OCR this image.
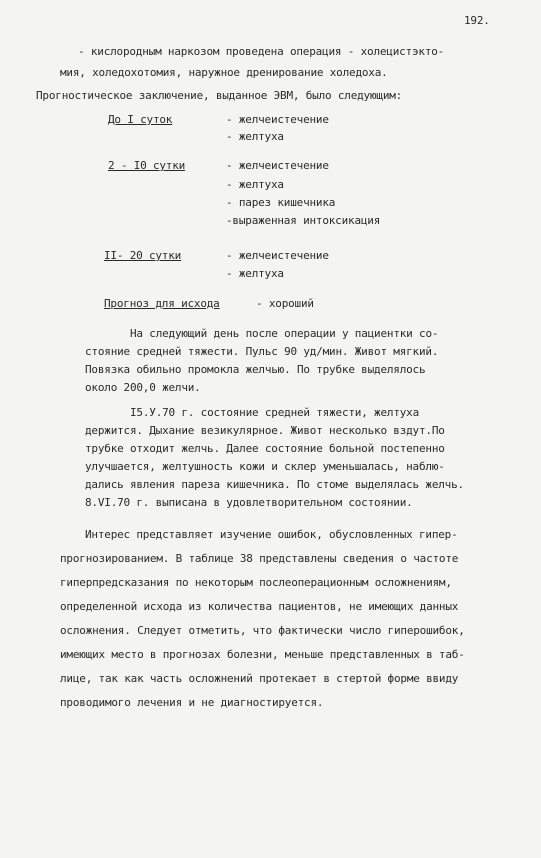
192.
- кислородным наркозом проведена операция - холецистэкто-
мия, холедохотомия, наружное дренирование холедоха.
Прогностическое заключение, выданное ЭВМ, было следующим:
До I суток	- желчеистечение
- желтуха
2 - I0 сутки	- желчеистечение
- желтуха
- парез кишечника
-выраженная интоксикация
II- 20 сутки	- желчеистечение
- желтуха
Прогноз для исхода	- хороший
На следующий день после операции у пациентки со-
стояние средней тяжести. Пульс 90 уд/мин. Живот мягкий.
Повязка обильно промокла желчью. По трубке выделялось
около 200,0 желчи.
I5.У.70 г. состояние средней тяжести, желтуха
держится. Дыхание везикулярное. Живот несколько вздут.По
трубке отходит желчь. Далее состояние больной постепенно
улучшается, желтушность кожи и склер уменьшалась, наблю-
дались явления пареза кишечника. По стоме выделялась желчь.
8.VI.70 г. выписана в удовлетворительном состоянии.
Интерес представляет изучение ошибок, обусловленных гипер-
прогнозированием. В таблице 38 представлены сведения о частоте
гиперпредсказания по некоторым послеоперационным осложнениям,
определенной исхода из количества пациентов, не имеющих данных
осложнения. Следует отметить, что фактически число гиперошибок,
имеющих место в прогнозах болезни, меньше представленных в таб-
лице, так как часть осложнений протекает в стертой форме ввиду
проводимого лечения и не диагностируется.
